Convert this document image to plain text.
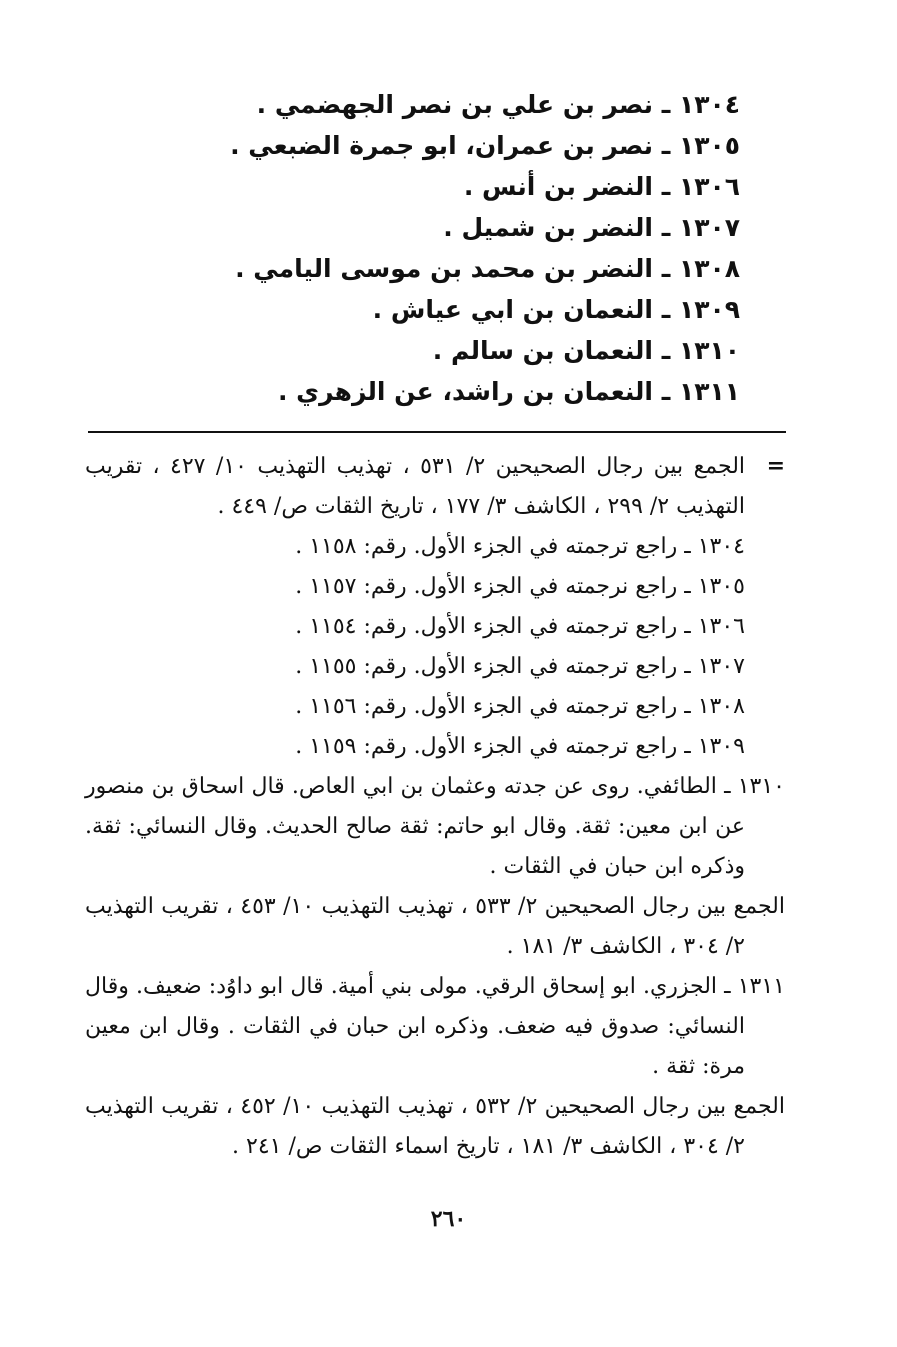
١٣٠٤ ـ نصر بن علي بن نصر الجهضمي .
١٣٠٥ ـ نصر بن عمران، ابو جمرة الضبعي .
١٣٠٦ ـ النضر بن أنس .
١٣٠٧ ـ النضر بن شميل .
١٣٠٨ ـ النضر بن محمد بن موسى اليامي .
١٣٠٩ ـ النعمان بن ابي عياش .
١٣١٠ ـ النعمان بن سالم .
١٣١١ ـ النعمان بن راشد، عن الزهري .

=الجمع بين رجال الصحيحين ٢/ ٥٣١ ، تهذيب التهذيب ١٠/ ٤٢٧ ، تقريب التهذيب ٢/ ٢٩٩ ، الكاشف ٣/ ١٧٧ ، تاريخ الثقات ص/ ٤٤٩ .

١٣٠٤ ـ راجع ترجمته في الجزء الأول. رقم: ١١٥٨ .

١٣٠٥ ـ راجع نرجمته في الجزء الأول. رقم: ١١٥٧ .

١٣٠٦ ـ راجع ترجمته في الجزء الأول. رقم: ١١٥٤ .

١٣٠٧ ـ راجع ترجمته في الجزء الأول. رقم: ١١٥٥ .

١٣٠٨ ـ راجع ترجمته في الجزء الأول. رقم: ١١٥٦ .

١٣٠٩ ـ راجع ترجمته في الجزء الأول. رقم: ١١٥٩ .

١٣١٠ ـ الطائفي. روى عن جدته وعثمان بن ابي العاص. قال اسحاق بن منصور عن ابن معين: ثقة. وقال ابو حاتم: ثقة صالح الحديث. وقال النسائي: ثقة. وذكره ابن حبان في الثقات .

الجمع بين رجال الصحيحين ٢/ ٥٣٣ ، تهذيب التهذيب ١٠/ ٤٥٣ ، تقريب التهذيب ٢/ ٣٠٤ ، الكاشف ٣/ ١٨١ .

١٣١١ ـ الجزري. ابو إسحاق الرقي. مولى بني أمية. قال ابو داوُد: ضعيف. وقال النسائي: صدوق فيه ضعف. وذكره ابن حبان في الثقات . وقال ابن معين مرة: ثقة .

الجمع بين رجال الصحيحين ٢/ ٥٣٢ ، تهذيب التهذيب ١٠/ ٤٥٢ ، تقريب التهذيب ٢/ ٣٠٤ ، الكاشف ٣/ ١٨١ ، تاريخ اسماء الثقات ص/ ٢٤١ .

٢٦٠
